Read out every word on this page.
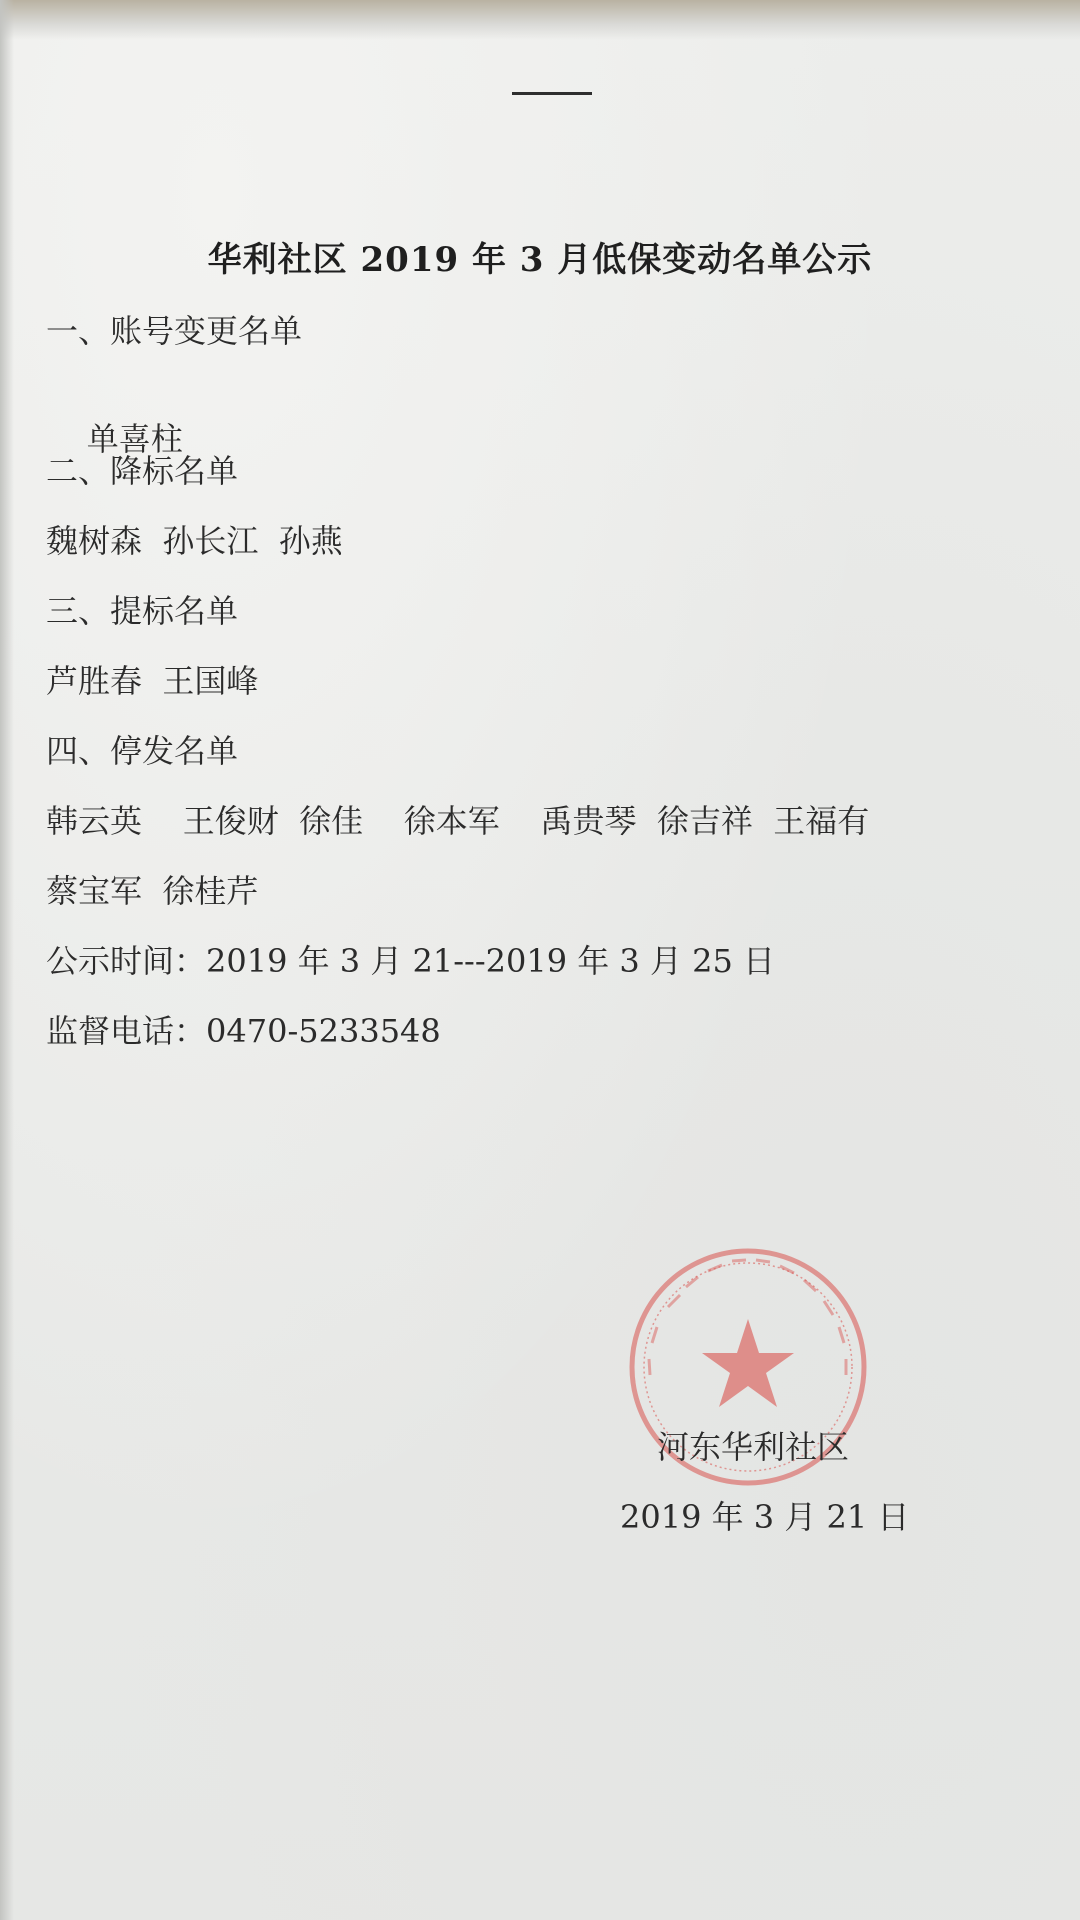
华利社区 2019 年 3 月低保变动名单公示
一、账号变更名单

单喜柱

二、降标名单
魏树森 孙长江 孙燕
三、提标名单
芦胜春 王国峰
四、停发名单
韩云英 王俊财 徐佳 徐本军 禹贵琴 徐吉祥 王福有
蔡宝军 徐桂芹
公示时间：2019 年 3 月 21---2019 年 3 月 25 日
监督电话：0470-5233548
河东华利社区
2019 年 3 月 21 日
